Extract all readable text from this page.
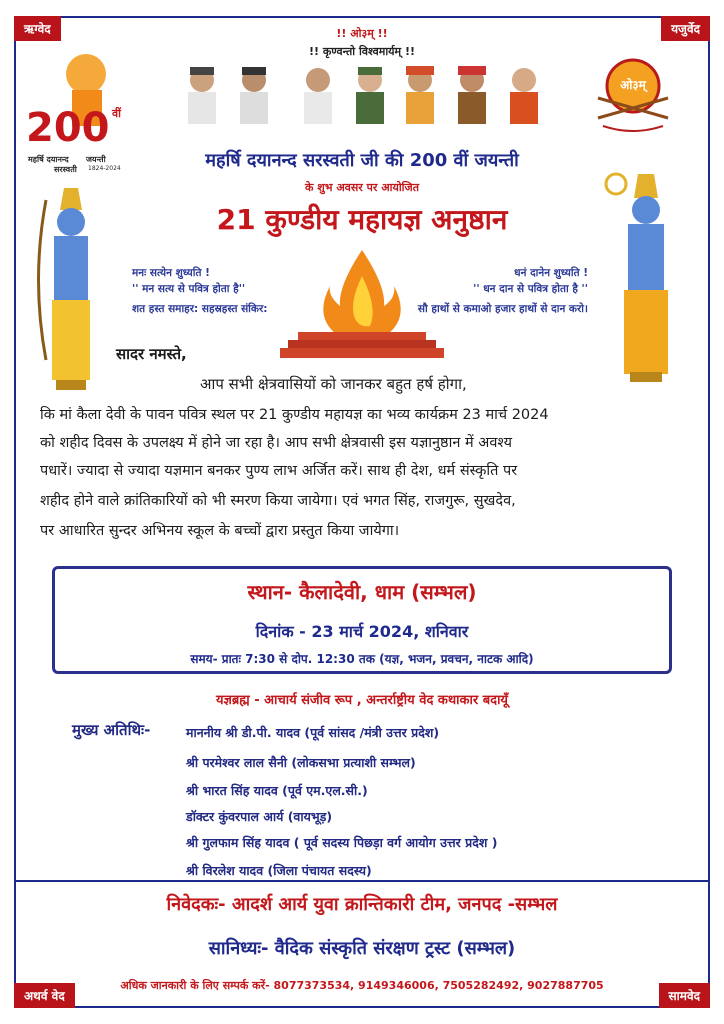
ऋग्वेद	यजुर्वेद
अथर्व वेद	सामवेद
!! ओ३म् !!
!! कृण्वन्तो विश्वमार्यम् !!
200 वीं
महर्षि दयानन्द जयन्ती
सरस्वती 1824-2024
ओ३म्
महर्षि दयानन्द सरस्वती जी की 200 वीं जयन्ती
के शुभ अवसर पर आयोजित
21 कुण्डीय महायज्ञ अनुष्ठान
मनः सत्येन शुध्यति !
'' मन सत्य से पवित्र होता है''
शत हस्त समाहर: सहस्रहस्त संकिर:
धनं दानेन शुध्यति !
'' धन दान से पवित्र होता है ''
सौ हाथों से कमाओ हजार हाथों से दान करो।
सादर नमस्ते,
आप सभी क्षेत्रवासियों को जानकर बहुत हर्ष होगा,
कि मां कैला देवी के पावन पवित्र स्थल पर 21 कुण्डीय महायज्ञ का भव्य कार्यक्रम 23 मार्च 2024
को शहीद दिवस के उपलक्ष्य में होने जा रहा है। आप सभी क्षेत्रवासी इस यज्ञानुष्ठान में अवश्य
पधारें। ज्यादा से ज्यादा यज्ञमान बनकर पुण्य लाभ अर्जित करें। साथ ही देश, धर्म संस्कृति पर
शहीद होने वाले क्रांतिकारियों को भी स्मरण किया जायेगा। एवं भगत सिंह, राजगुरू, सुखदेव,
पर आधारित सुन्दर अभिनय स्कूल के बच्चों द्वारा प्रस्तुत किया जायेगा।
स्थान- कैलादेवी, धाम (सम्भल)
दिनांक - 23 मार्च 2024, शनिवार
समय- प्रातः 7:30 से दोप. 12:30 तक (यज्ञ, भजन, प्रवचन, नाटक आदि)
यज्ञब्रह्म - आचार्य संजीव रूप , अन्तर्राष्ट्रीय वेद कथाकार बदायूँ
मुख्य अतिथिः-	माननीय श्री डी.पी. यादव (पूर्व सांसद /मंत्री उत्तर प्रदेश)
श्री परमेश्वर लाल सैनी (लोकसभा प्रत्याशी सम्भल)
श्री भारत सिंह यादव (पूर्व एम.एल.सी.)
डॉक्टर कुंवरपाल आर्य (वायभूड़)
श्री गुलफाम सिंह यादव ( पूर्व सदस्य पिछड़ा वर्ग आयोग उत्तर प्रदेश )
श्री विरलेश यादव (जिला पंचायत सदस्य)
निवेदकः- आदर्श आर्य युवा क्रान्तिकारी टीम, जनपद -सम्भल
सानिध्यः- वैदिक संस्कृति संरक्षण ट्रस्ट (सम्भल)
अधिक जानकारी के लिए सम्पर्क करें- 8077373534, 9149346006, 7505282492, 9027887705
